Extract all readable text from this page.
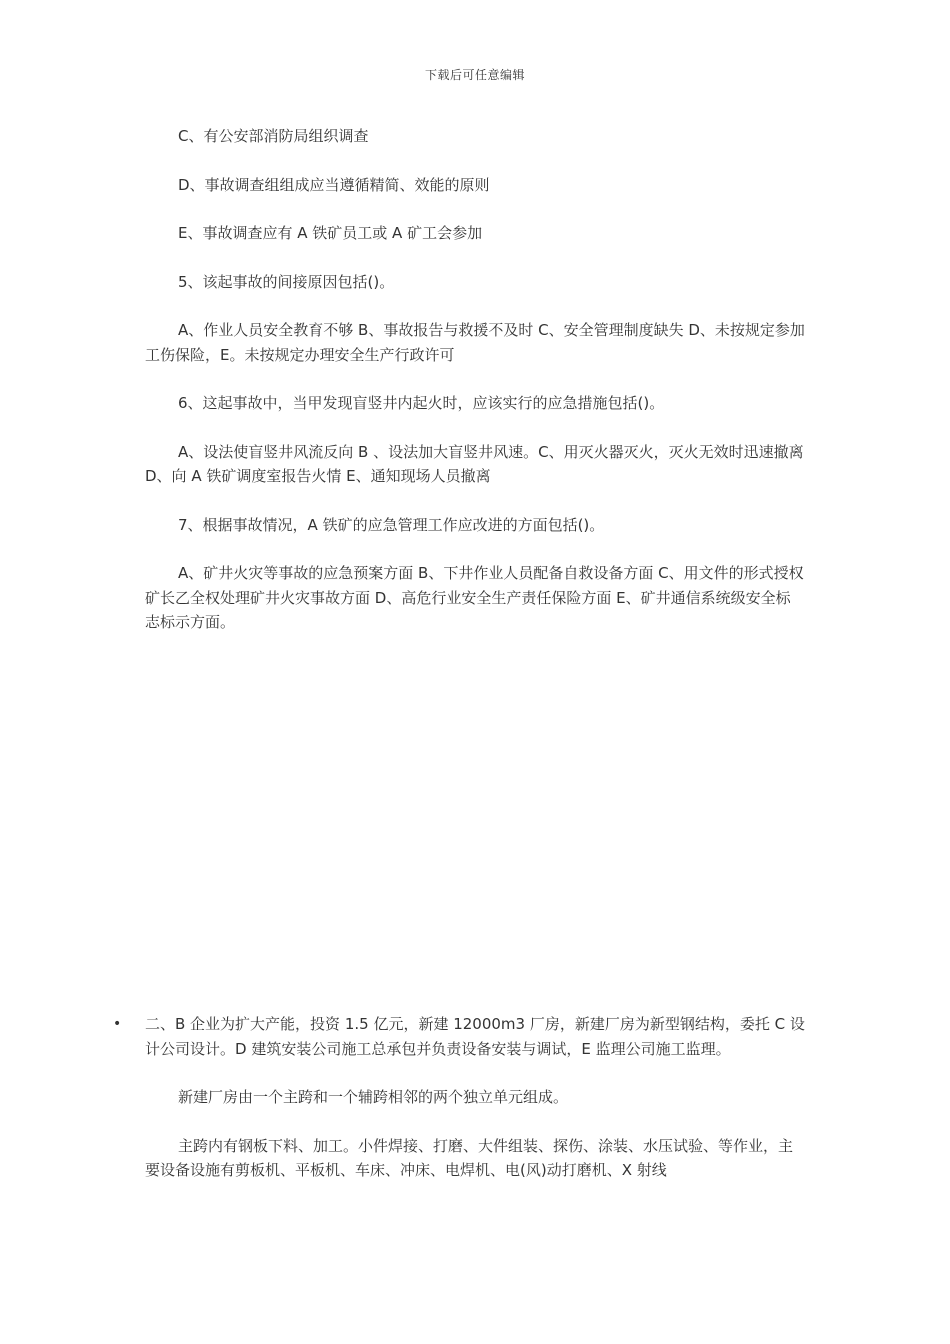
下载后可任意编辑

C、有公安部消防局组织调查

D、事故调查组组成应当遵循精简、效能的原则

E、事故调查应有 A 铁矿员工或 A 矿工会参加

5、该起事故的间接原因包括()。

A、作业人员安全教育不够 B、事故报告与救援不及时 C、安全管理制度缺失 D、未按规定参加工伤保险，E。未按规定办理安全生产行政许可

6、这起事故中，当甲发现盲竖井内起火时，应该实行的应急措施包括()。

A、设法使盲竖井风流反向 B 、设法加大盲竖井风速。C、用灭火器灭火，灭火无效时迅速撤离 D、向 A 铁矿调度室报告火情 E、通知现场人员撤离

7、根据事故情况，A 铁矿的应急管理工作应改进的方面包括()。

A、矿井火灾等事故的应急预案方面 B、下井作业人员配备自救设备方面 C、用文件的形式授权矿长乙全权处理矿井火灾事故方面 D、高危行业安全生产责任保险方面 E、矿井通信系统级安全标志标示方面。

• 二、B 企业为扩大产能，投资 1.5 亿元，新建 12000m3 厂房，新建厂房为新型钢结构，委托 C 设计公司设计。D 建筑安装公司施工总承包并负责设备安装与调试，E 监理公司施工监理。

新建厂房由一个主跨和一个辅跨相邻的两个独立单元组成。

主跨内有钢板下料、加工。小件焊接、打磨、大件组装、探伤、涂装、水压试验、等作业，主要设备设施有剪板机、平板机、车床、冲床、电焊机、电(风)动打磨机、X 射线
